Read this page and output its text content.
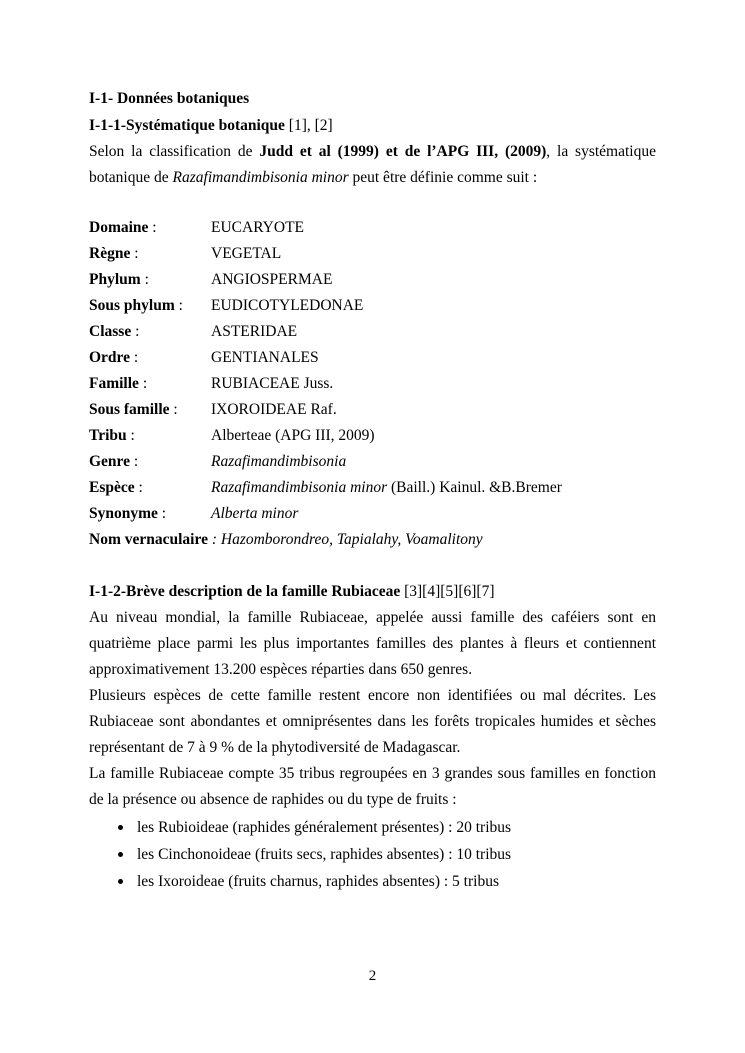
I-1- Données botaniques

I-1-1-Systématique botanique [1], [2]

Selon la classification de Judd et al (1999) et de l’APG III, (2009), la systématique botanique de Razafimandimbisonia minor peut être définie comme suit :

Domaine :	EUCARYOTE
Règne :	VEGETAL
Phylum :	ANGIOSPERMAE
Sous phylum :	EUDICOTYLEDONAE
Classe :	ASTERIDAE
Ordre :	GENTIANALES
Famille :	RUBIACEAE Juss.
Sous famille :	IXOROIDEAE Raf.
Tribu :	Alberteae (APG III, 2009)
Genre :	Razafimandimbisonia
Espèce :	Razafimandimbisonia minor (Baill.) Kainul. &B.Bremer
Synonyme :	Alberta minor
Nom vernaculaire : Hazomborondreo, Tapialahy, Voamalitony

I-1-2-Brève description de la famille Rubiaceae [3][4][5][6][7]

Au niveau mondial, la famille Rubiaceae, appelée aussi famille des caféiers sont en quatrième place parmi les plus importantes familles des plantes à fleurs et contiennent approximativement 13.200 espèces réparties dans 650 genres.

Plusieurs espèces de cette famille restent encore non identifiées ou mal décrites. Les Rubiaceae sont abondantes et omniprésentes dans les forêts tropicales humides et sèches représentant de 7 à 9 % de la phytodiversité de Madagascar.

La famille Rubiaceae compte 35 tribus regroupées en 3 grandes sous familles en fonction de la présence ou absence de raphides ou du type de fruits :

les Rubioideae (raphides généralement présentes) : 20 tribus
les Cinchonoideae (fruits secs, raphides absentes) : 10 tribus
les Ixoroideae (fruits charnus, raphides absentes) : 5 tribus
2
